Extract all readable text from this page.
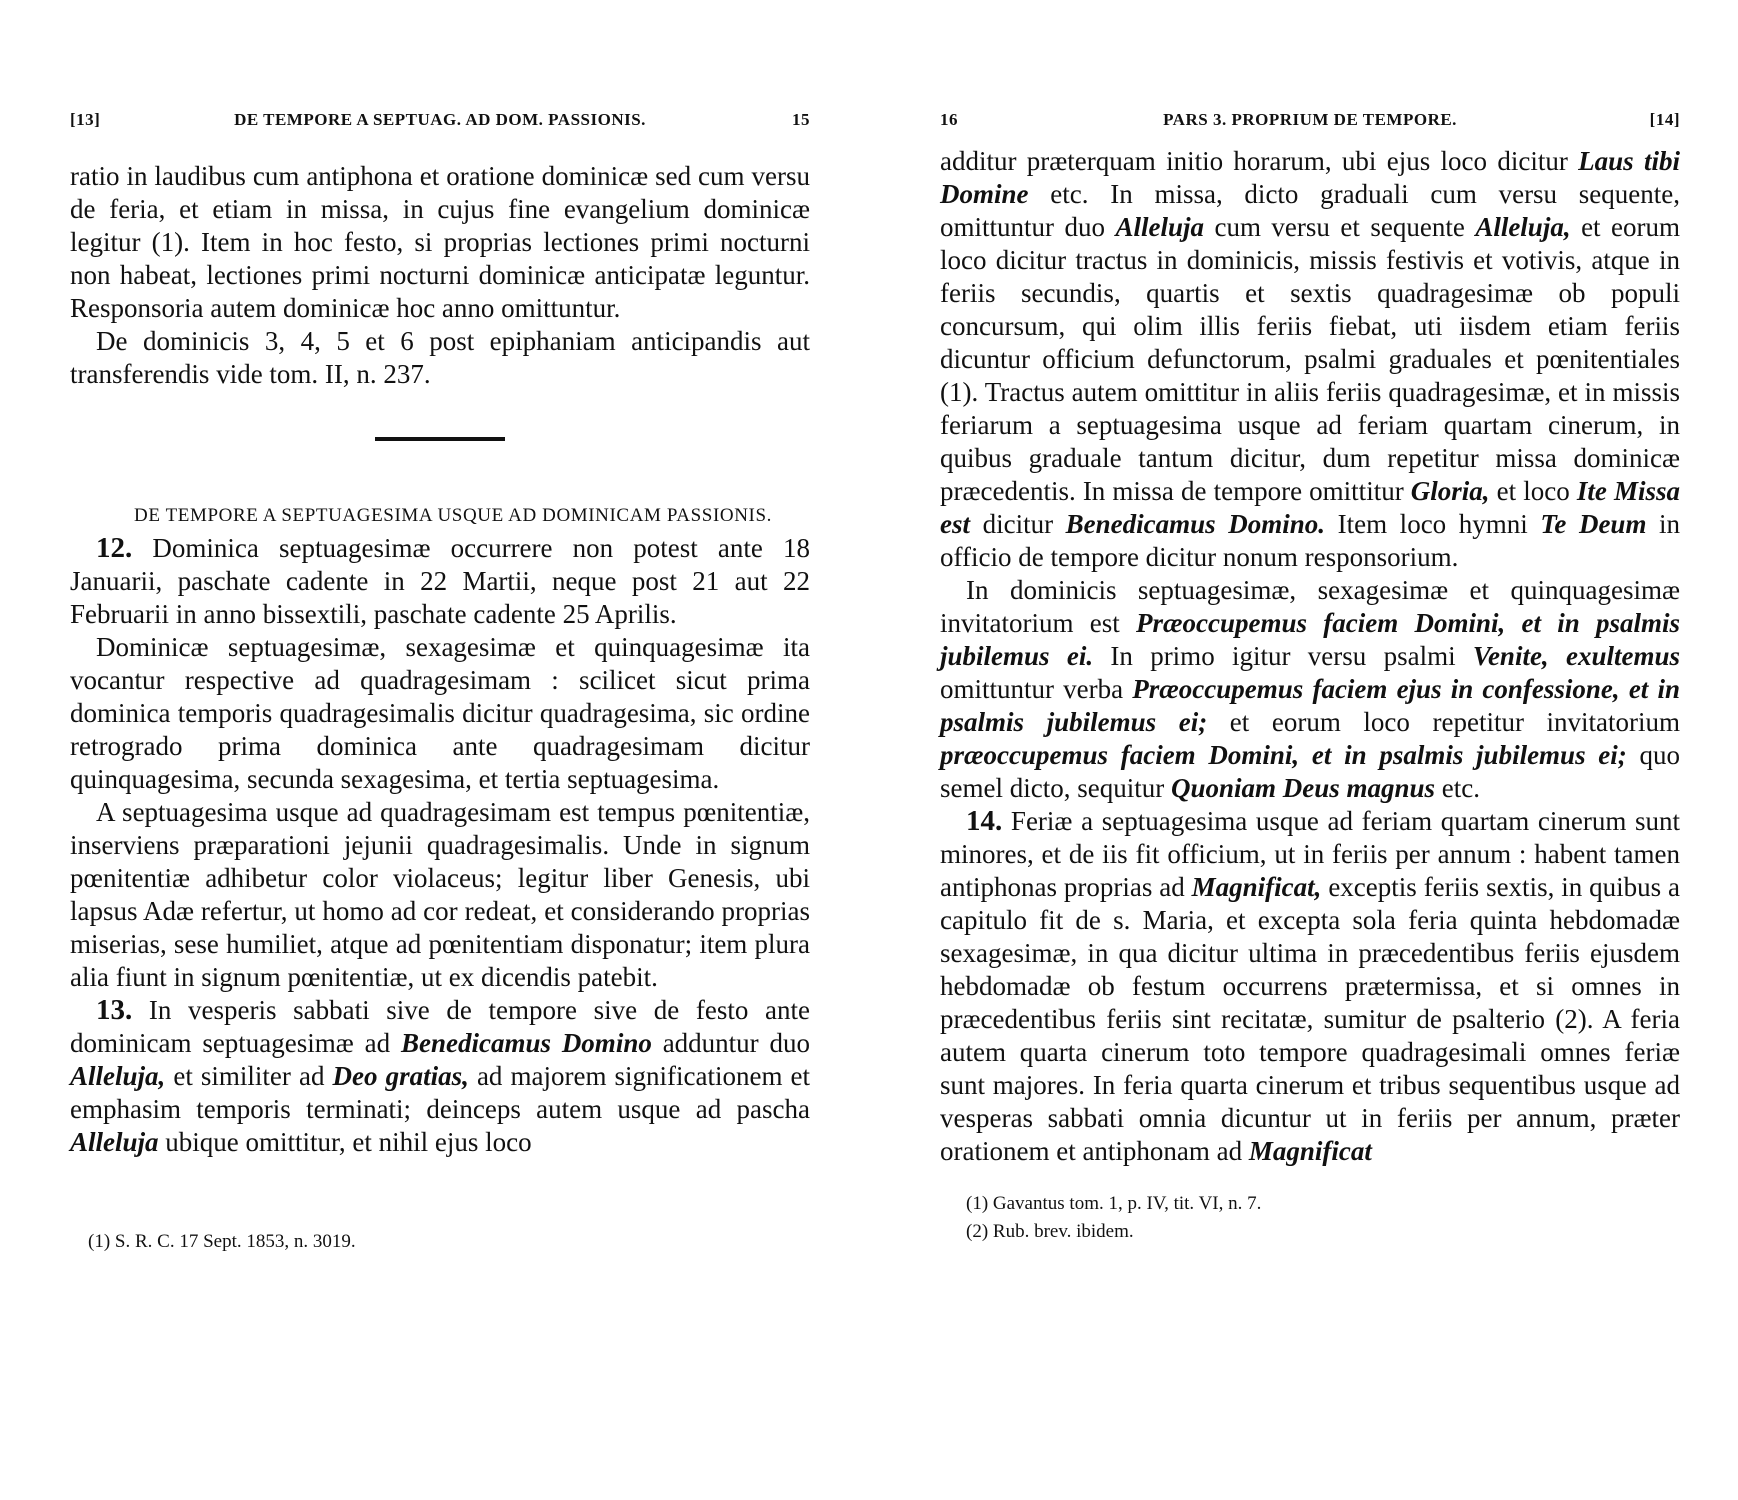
[13]	DE TEMPORE A SEPTUAG. AD DOM. PASSIONIS.	15

ratio in laudibus cum antiphona et oratione dominicæ sed cum versu de feria, et etiam in missa, in cujus fine evangelium dominicæ legitur (1). Item in hoc festo, si proprias lectiones primi nocturni non habeat, lectiones primi nocturni dominicæ anticipatæ leguntur. Responsoria autem dominicæ hoc anno omittuntur.

De dominicis 3, 4, 5 et 6 post epiphaniam anticipandis aut transferendis vide tom. II, n. 237.

DE TEMPORE A SEPTUAGESIMA USQUE AD DOMINICAM PASSIONIS.

12. Dominica septuagesimæ occurrere non potest ante 18 Januarii, paschate cadente in 22 Martii, neque post 21 aut 22 Februarii in anno bissextili, paschate cadente 25 Aprilis.

Dominicæ septuagesimæ, sexagesimæ et quinquagesimæ ita vocantur respective ad quadragesimam : scilicet sicut prima dominica temporis quadragesimalis dicitur quadragesima, sic ordine retrogrado prima dominica ante quadragesimam dicitur quinquagesima, secunda sexagesima, et tertia septuagesima.

A septuagesima usque ad quadragesimam est tempus pœnitentiæ, inserviens præparationi jejunii quadragesimalis. Unde in signum pœnitentiæ adhibetur color violaceus; legitur liber Genesis, ubi lapsus Adæ refertur, ut homo ad cor redeat, et considerando proprias miserias, sese humiliet, atque ad pœnitentiam disponatur; item plura alia fiunt in signum pœnitentiæ, ut ex dicendis patebit.

13. In vesperis sabbati sive de tempore sive de festo ante dominicam septuagesimæ ad Benedicamus Domino adduntur duo Alleluja, et similiter ad Deo gratias, ad majorem significationem et emphasim temporis terminati; deinceps autem usque ad pascha Alleluja ubique omittitur, et nihil ejus loco

(1) S. R. C. 17 Sept. 1853, n. 3019.
16	PARS 3. PROPRIUM DE TEMPORE.	[14]

additur præterquam initio horarum, ubi ejus loco dicitur Laus tibi Domine etc. In missa, dicto graduali cum versu sequente, omittuntur duo Alleluja cum versu et sequente Alleluja, et eorum loco dicitur tractus in dominicis, missis festivis et votivis, atque in feriis secundis, quartis et sextis quadragesimæ ob populi concursum, qui olim illis feriis fiebat, uti iisdem etiam feriis dicuntur officium defunctorum, psalmi graduales et pœnitentiales (1). Tractus autem omittitur in aliis feriis quadragesimæ, et in missis feriarum a septuagesima usque ad feriam quartam cinerum, in quibus graduale tantum dicitur, dum repetitur missa dominicæ præcedentis. In missa de tempore omittitur Gloria, et loco Ite Missa est dicitur Benedicamus Domino. Item loco hymni Te Deum in officio de tempore dicitur nonum responsorium.

In dominicis septuagesimæ, sexagesimæ et quinquagesimæ invitatorium est Præoccupemus faciem Domini, et in psalmis jubilemus ei. In primo igitur versu psalmi Venite, exultemus omittuntur verba Præoccupemus faciem ejus in confessione, et in psalmis jubilemus ei; et eorum loco repetitur invitatorium præoccupemus faciem Domini, et in psalmis jubilemus ei; quo semel dicto, sequitur Quoniam Deus magnus etc.

14. Feriæ a septuagesima usque ad feriam quartam cinerum sunt minores, et de iis fit officium, ut in feriis per annum : habent tamen antiphonas proprias ad Magnificat, exceptis feriis sextis, in quibus a capitulo fit de s. Maria, et excepta sola feria quinta hebdomadæ sexagesimæ, in qua dicitur ultima in præcedentibus feriis ejusdem hebdomadæ ob festum occurrens prætermissa, et si omnes in præcedentibus feriis sint recitatæ, sumitur de psalterio (2). A feria autem quarta cinerum toto tempore quadragesimali omnes feriæ sunt majores. In feria quarta cinerum et tribus sequentibus usque ad vesperas sabbati omnia dicuntur ut in feriis per annum, præter orationem et antiphonam ad Magnificat

(1) Gavantus tom. 1, p. IV, tit. VI, n. 7.
(2) Rub. brev. ibidem.
